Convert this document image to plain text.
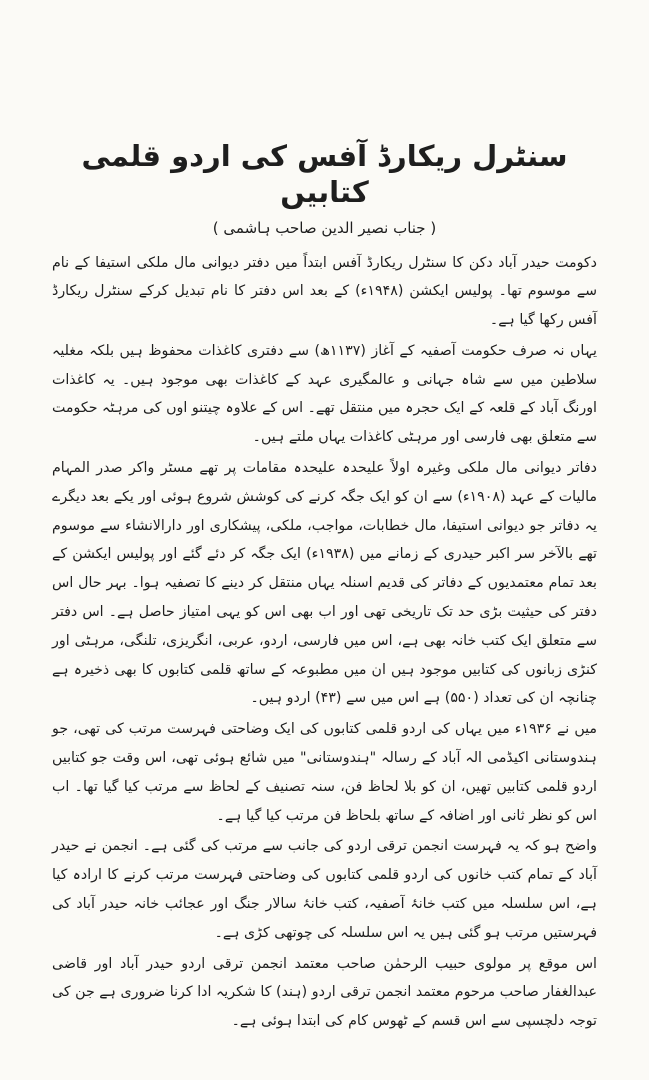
سنٹرل ریکارڈ آفس کی اردو قلمی کتابیں
( جناب نصیر الدین صاحب ہاشمی )

دکومت حیدر آباد دکن کا سنٹرل ریکارڈ آفس ابتداً میں دفتر دیوانی مال ملکی استیفا کے نام سے موسوم تھا۔ پولیس ایکشن (۱۹۴۸ء) کے بعد اس دفتر کا نام تبدیل کرکے سنٹرل ریکارڈ آفس رکھا گیا ہے۔

یہاں نہ صرف حکومت آصفیہ کے آغاز (۱۱۳۷ھ) سے دفتری کاغذات محفوظ ہیں بلکہ مغلیہ سلاطین میں سے شاہ جہانی و عالمگیری عہد کے کاغذات بھی موجود ہیں۔ یہ کاغذات اورنگ آباد کے قلعہ کے ایک حجرہ میں منتقل تھے۔ اس کے علاوہ چیتنو اوں کی مرہٹہ حکومت سے متعلق بھی فارسی اور مرہٹی کاغذات یہاں ملتے ہیں۔

دفاتر دیوانی مال ملکی وغیرہ اولاً علیحدہ علیحدہ مقامات پر تھے مسٹر واکر صدر المہام مالیات کے عہد (۱۹۰۸ء) سے ان کو ایک جگہ کرنے کی کوشش شروع ہوئی اور یکے بعد دیگرے یہ دفاتر جو دیوانی استیفا، مال خطابات، مواجب، ملکی، پیشکاری اور دارالانشاء سے موسوم تھے بالآخر سر اکبر حیدری کے زمانے میں (۱۹۳۸ء) ایک جگہ کر دئے گئے اور پولیس ایکشن کے بعد تمام معتمدیوں کے دفاتر کی قدیم اسنلہ یہاں منتقل کر دینے کا تصفیہ ہوا۔ بہر حال اس دفتر کی حیثیت بڑی حد تک تاریخی تھی اور اب بھی اس کو یہی امتیاز حاصل ہے۔ اس دفتر سے متعلق ایک کتب خانہ بھی ہے، اس میں فارسی، اردو، عربی، انگریزی، تلنگی، مرہٹی اور کنڑی زبانوں کی کتابیں موجود ہیں ان میں مطبوعہ کے ساتھ قلمی کتابوں کا بھی ذخیرہ ہے چنانچہ ان کی تعداد (۵۵۰) ہے اس میں سے (۴۳) اردو ہیں۔

میں نے ۱۹۳۶ء میں یہاں کی اردو قلمی کتابوں کی ایک وضاحتی فہرست مرتب کی تھی، جو ہندوستانی اکیڈمی الہ آباد کے رسالہ "ہندوستانی" میں شائع ہوئی تھی، اس وقت جو کتابیں اردو قلمی کتابیں تھیں، ان کو بلا لحاظ فن، سنہ تصنیف کے لحاظ سے مرتب کیا گیا تھا۔ اب اس کو نظر ثانی اور اضافہ کے ساتھ بلحاظ فن مرتب کیا گیا ہے۔

واضح ہو کہ یہ فہرست انجمن ترقی اردو کی جانب سے مرتب کی گئی ہے۔ انجمن نے حیدر آباد کے تمام کتب خانوں کی اردو قلمی کتابوں کی وضاحتی فہرست مرتب کرنے کا ارادہ کیا ہے، اس سلسلہ میں کتب خانۂ آصفیہ، کتب خانۂ سالار جنگ اور عجائب خانہ حیدر آباد کی فہرستیں مرتب ہو گئی ہیں یہ اس سلسلہ کی چوتھی کڑی ہے۔

اس موقع پر مولوی حبیب الرحمٰن صاحب معتمد انجمن ترقی اردو حیدر آباد اور قاضی عبدالغفار صاحب مرحوم معتمد انجمن ترقی اردو (ہند) کا شکریہ ادا کرنا ضروری ہے جن کی توجہ دلچسپی سے اس قسم کے ٹھوس کام کی ابتدا ہوئی ہے۔
